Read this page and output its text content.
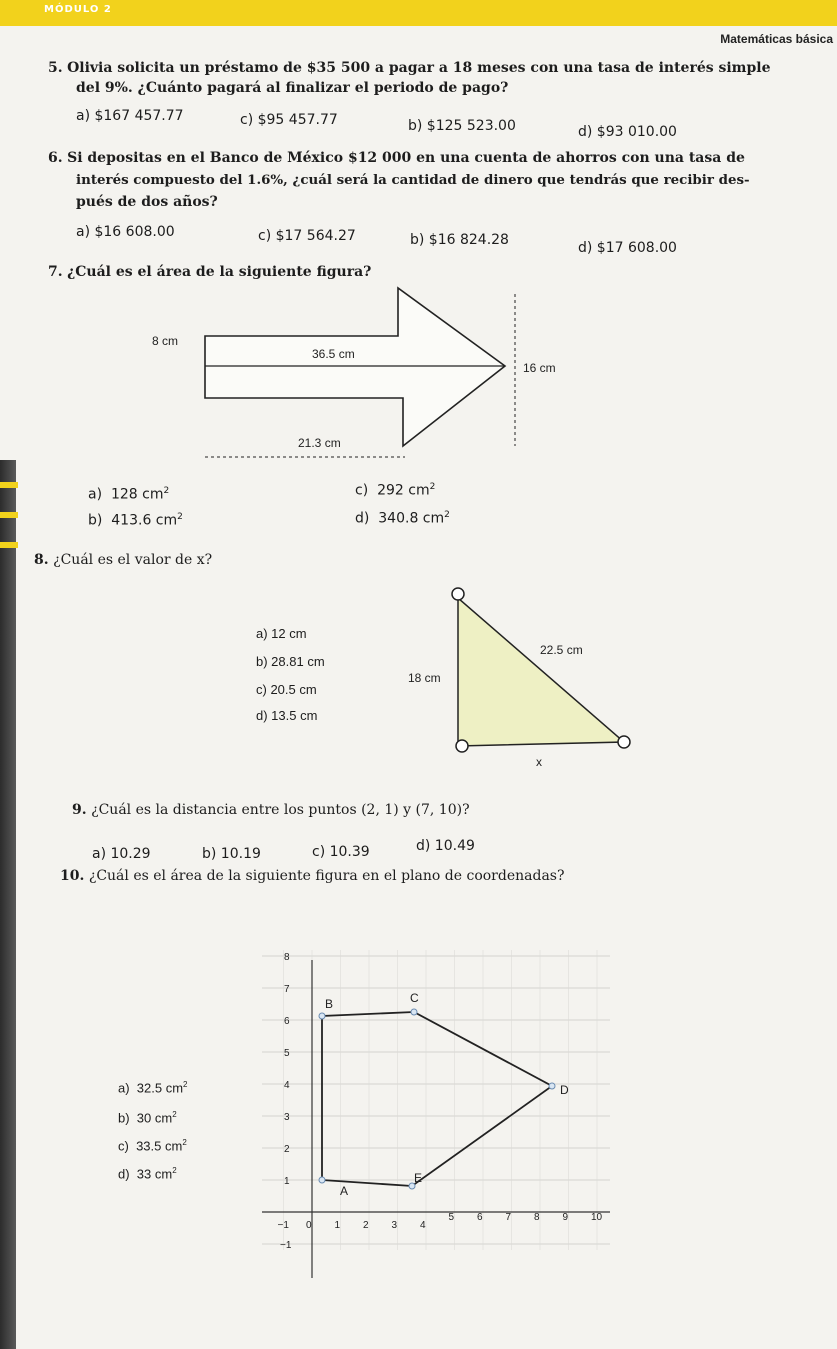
MÓDULO 2
Matemáticas básica
5. Olivia solicita un préstamo de $35 500 a pagar a 18 meses con una tasa de interés simple
del 9%. ¿Cuánto pagará al finalizar el periodo de pago?
a) $167 457.77	c) $95 457.77	b) $125 523.00	d) $93 010.00
6. Si depositas en el Banco de México $12 000 en una cuenta de ahorros con una tasa de
interés compuesto del 1.6%, ¿cuál será la cantidad de dinero que tendrás que recibir des-
pués de dos años?
a) $16 608.00	c) $17 564.27	b) $16 824.28	d) $17 608.00
7. ¿Cuál es el área de la siguiente figura?
8 cm
36.5 cm
16 cm
21.3 cm
a) 128 $cm^2$	c) 292 $cm^2$
b) 413.6 $cm^2$	d) 340.8 $cm^2$
8. ¿Cuál es el valor de x?
a) 12 cm
b) 28.81 cm
c) 20.5 cm
d) 13.5 cm
22.5 cm
18 cm
x
9. ¿Cuál es la distancia entre los puntos (2, 1) y (7, 10)?
a) 10.29	b) 10.19	c) 10.39	d) 10.49
10. ¿Cuál es el área de la siguiente figura en el plano de coordenadas?
a) 32.5 $cm^2$
b) 30 $cm^2$
c) 33.5 $cm^2$
d) 33 $cm^2$
8
7
6
5
4
3
2
1
−1
−1 0 1 2 3 4
5 6 7 8 9 10
A
B	C
D
E
